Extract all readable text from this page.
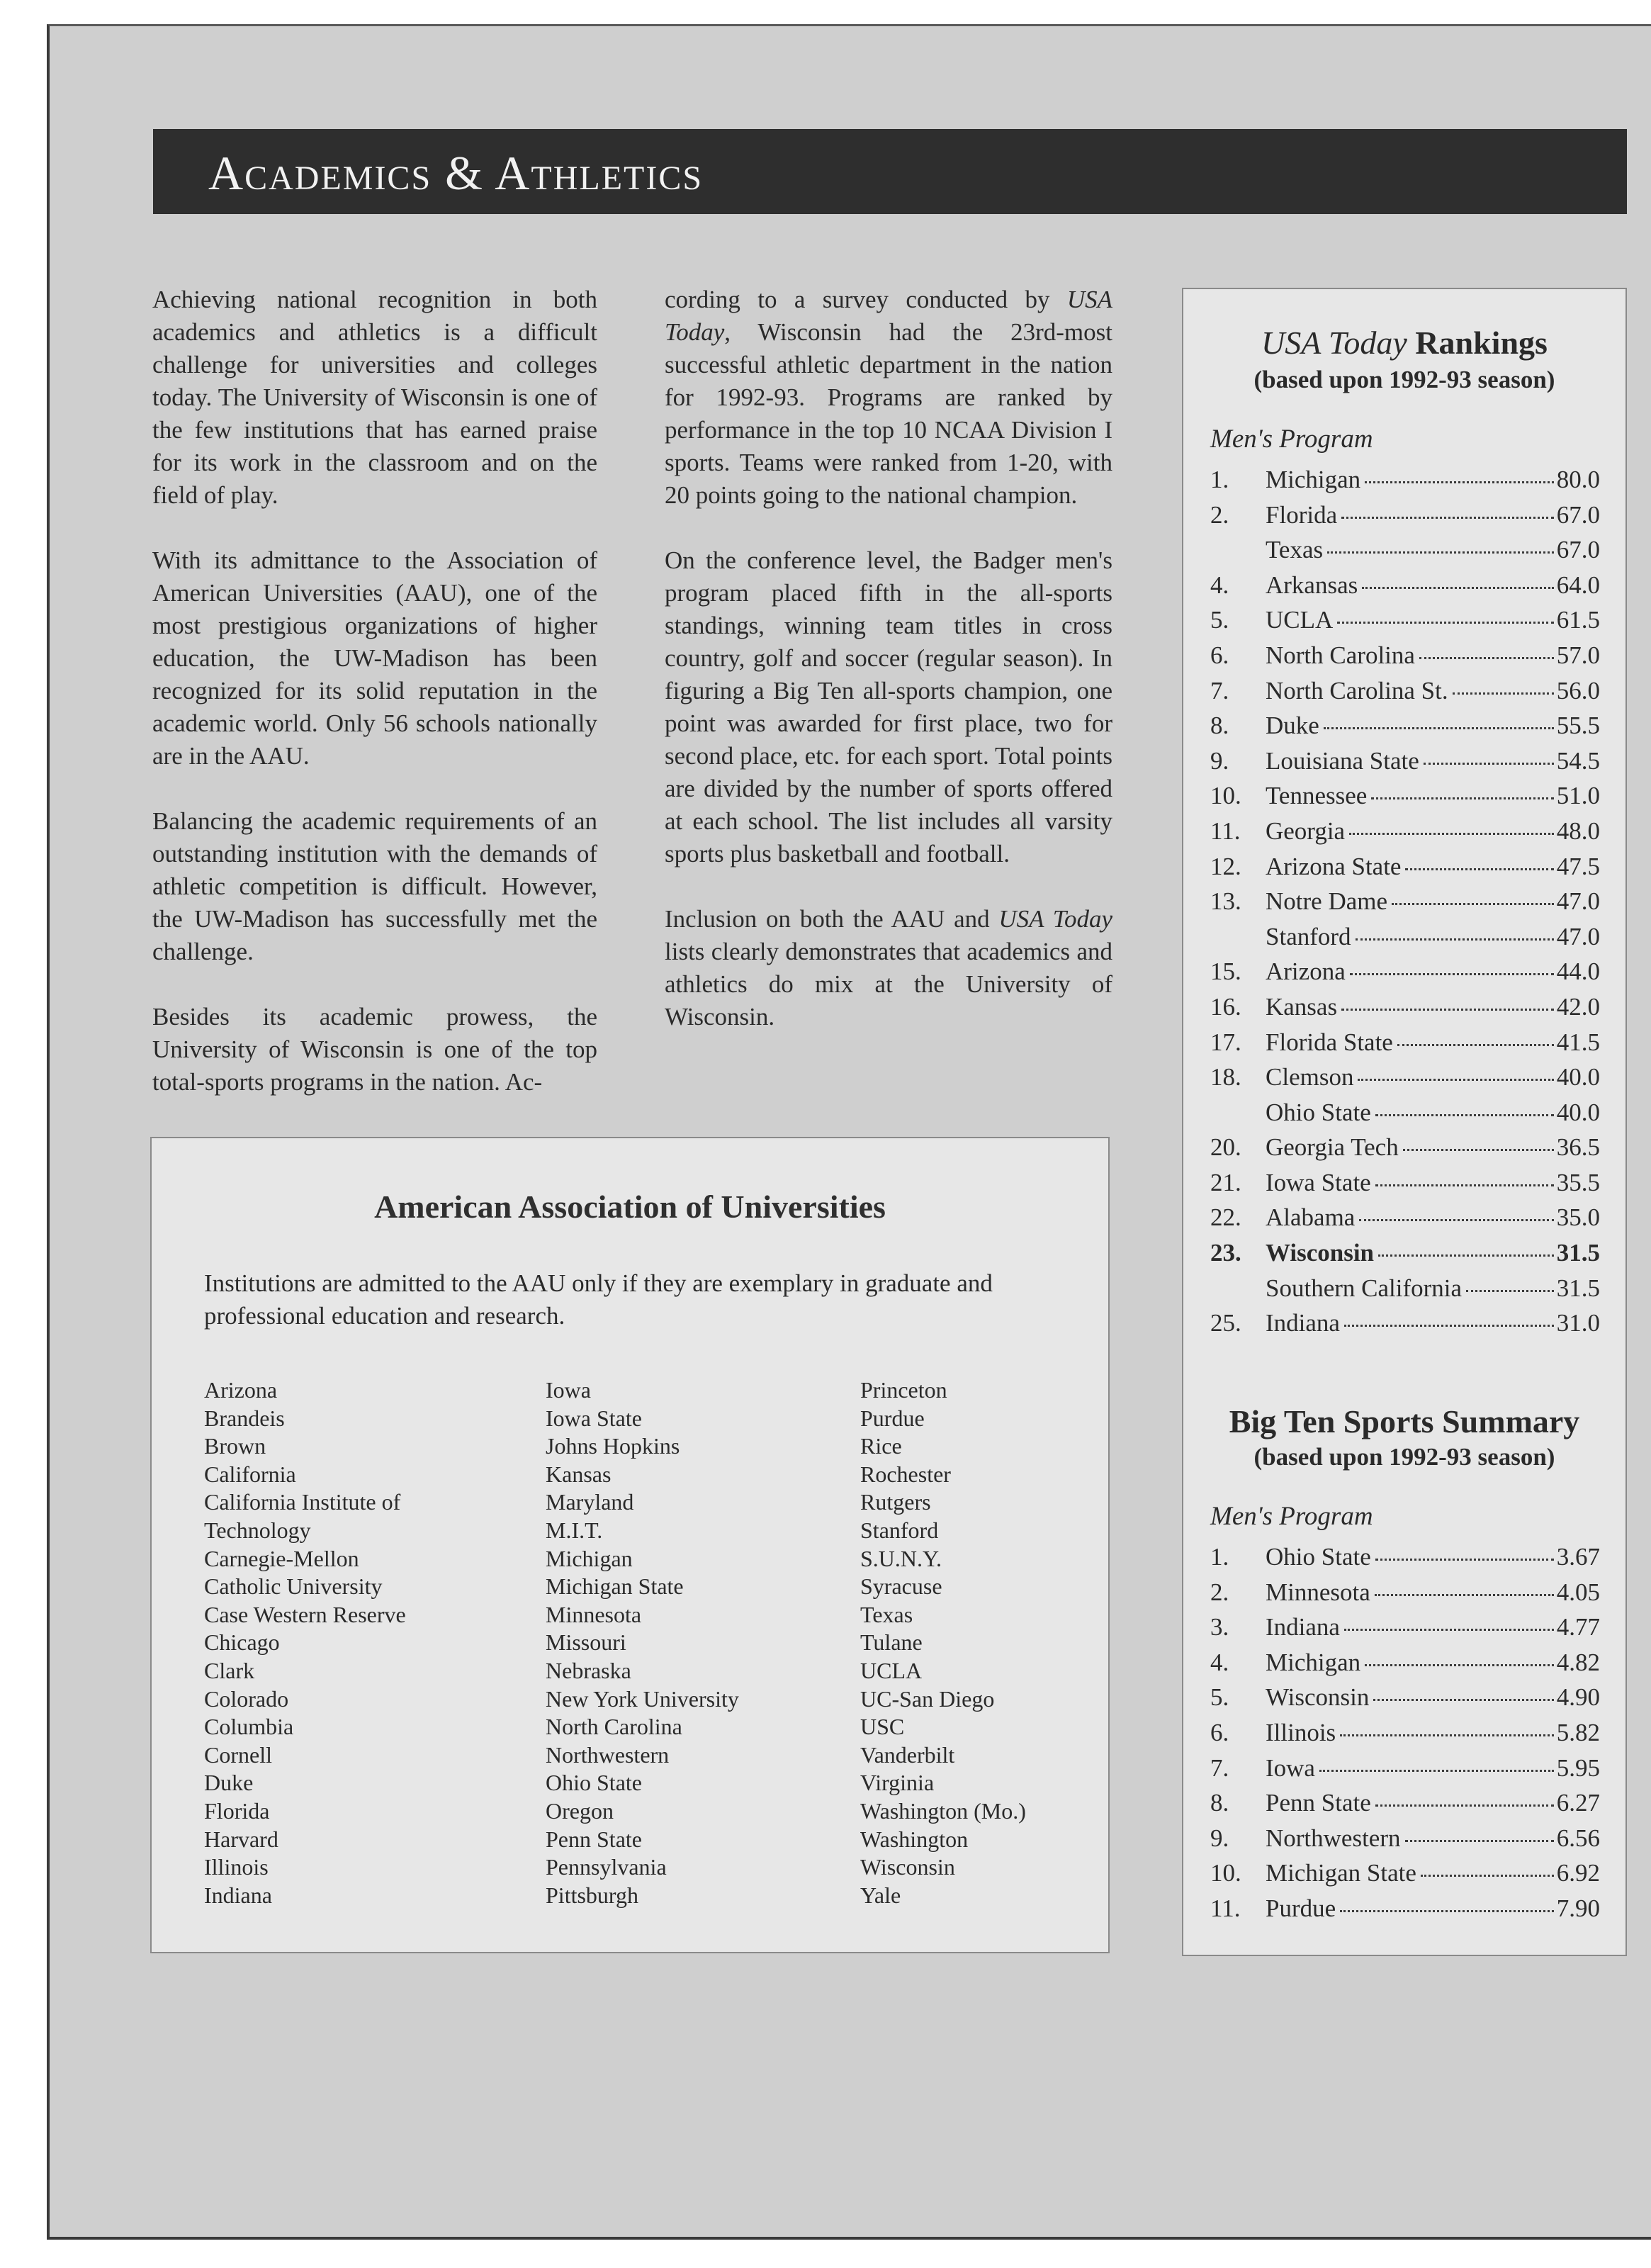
Academics & Athletics

Achieving national recognition in both academics and athletics is a difficult challenge for universities and colleges today. The University of Wisconsin is one of the few institutions that has earned praise for its work in the classroom and on the field of play.

With its admittance to the Association of American Universities (AAU), one of the most prestigious organizations of higher education, the UW-Madison has been recognized for its solid reputation in the academic world. Only 56 schools nationally are in the AAU.

Balancing the academic requirements of an outstanding institution with the demands of athletic competition is difficult. However, the UW-Madison has successfully met the challenge.

Besides its academic prowess, the University of Wisconsin is one of the top total-sports programs in the nation. Ac-

cording to a survey conducted by USA Today, Wisconsin had the 23rd-most successful athletic department in the nation for 1992-93. Programs are ranked by performance in the top 10 NCAA Division I sports. Teams were ranked from 1-20, with 20 points going to the national champion.

On the conference level, the Badger men's program placed fifth in the all-sports standings, winning team titles in cross country, golf and soccer (regular season). In figuring a Big Ten all-sports champion, one point was awarded for first place, two for second place, etc. for each sport. Total points are divided by the number of sports offered at each school. The list includes all varsity sports plus basketball and football.

Inclusion on both the AAU and USA Today lists clearly demonstrates that academics and athletics do mix at the University of Wisconsin.

American Association of Universities

Institutions are admitted to the AAU only if they are exemplary in graduate and professional education and research.

Arizona
Brandeis
Brown
California
California Institute of
Technology
Carnegie-Mellon
Catholic University
Case Western Reserve
Chicago
Clark
Colorado
Columbia
Cornell
Duke
Florida
Harvard
Illinois
Indiana
Iowa
Iowa State
Johns Hopkins
Kansas
Maryland
M.I.T.
Michigan
Michigan State
Minnesota
Missouri
Nebraska
New York University
North Carolina
Northwestern
Ohio State
Oregon
Penn State
Pennsylvania
Pittsburgh
Princeton
Purdue
Rice
Rochester
Rutgers
Stanford
S.U.N.Y.
Syracuse
Texas
Tulane
UCLA
UC-San Diego
USC
Vanderbilt
Virginia
Washington (Mo.)
Washington
Wisconsin
Yale

USA Today Rankings

(based upon 1992-93 season)

Men's Program

1.	Michigan	80.0
2.	Florida	67.0
Texas	67.0
4.	Arkansas	64.0
5.	UCLA	61.5
6.	North Carolina	57.0
7.	North Carolina St.	56.0
8.	Duke	55.5
9.	Louisiana State	54.5
10. Tennessee	51.0
11.	Georgia	48.0
12. Arizona State	47.5
13. Notre Dame	47.0
Stanford	47.0
15. Arizona	44.0
16. Kansas	42.0
17. Florida State	41.5
18. Clemson	40.0
Ohio State	40.0
20. Georgia Tech	36.5
21. Iowa State	35.5
22. Alabama	35.0
23. Wisconsin	31.5
Southern California	31.5
25. Indiana	31.0

Big Ten Sports Summary

(based upon 1992-93 season)

Men's Program

1.	Ohio State	3.67
2.	Minnesota	4.05
3.	Indiana	4.77
4.	Michigan	4.82
5.	Wisconsin	4.90
6.	Illinois	5.82
7.	Iowa	5.95
8.	Penn State	6.27
9.	Northwestern	6.56
10. Michigan State	6.92
11.	Purdue	7.90
